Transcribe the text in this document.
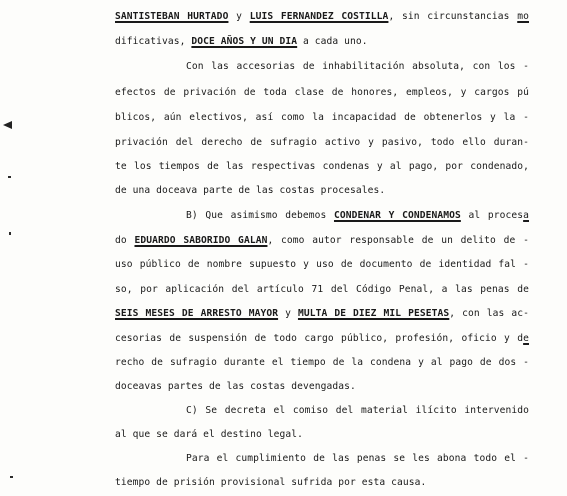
SANTISTEBAN HURTADO y LUIS FERNANDEZ COSTILLA, sin circunstancias mo
dificativas, DOCE AÑOS Y UN DIA a cada uno.
Con las accesorias de inhabilitación absoluta, con los -
efectos de privación de toda clase de honores, empleos, y cargos pú
blicos, aún electivos, así como la incapacidad de obtenerlos y la -
privación del derecho de sufragio activo y pasivo, todo ello duran-
te los tiempos de las respectivas condenas y al pago, por condenado,
de una doceava parte de las costas procesales.
B) Que asimismo debemos CONDENAR Y CONDENAMOS al procesa
do EDUARDO SABORIDO GALAN, como autor responsable de un delito de -
uso público de nombre supuesto y uso de documento de identidad fal -
so, por aplicación del artículo 71 del Código Penal, a las penas de
SEIS MESES DE ARRESTO MAYOR y MULTA DE DIEZ MIL PESETAS, con las ac-
cesorias de suspensión de todo cargo público, profesión, oficio y de
recho de sufragio durante el tiempo de la condena y al pago de dos -
doceavas partes de las costas devengadas.
C) Se decreta el comiso del material ilícito intervenido
al que se dará el destino legal.
Para el cumplimiento de las penas se les abona todo el -
tiempo de prisión provisional sufrida por esta causa.
